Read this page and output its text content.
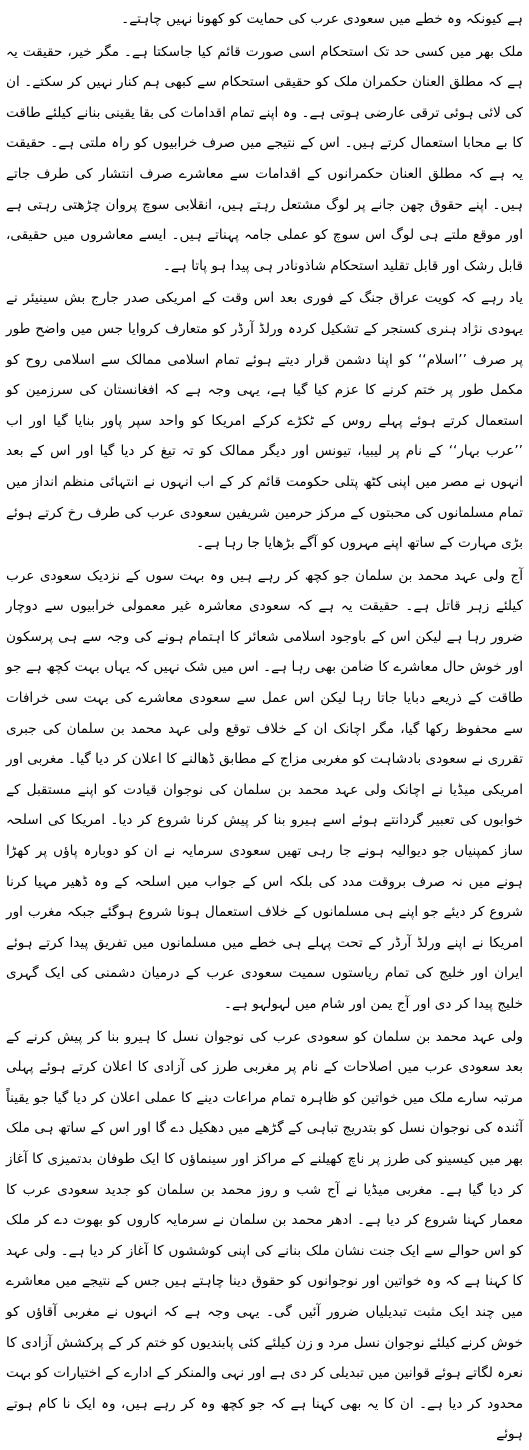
ہے کیونکہ وہ خطے میں سعودی عرب کی حمایت کو کھونا نہیں چاہتے۔

ملک بھر میں کسی حد تک استحکام اسی صورت قائم کیا جاسکتا ہے۔ مگر خیر، حقیقت یہ ہے کہ مطلق العنان حکمران ملک کو حقیقی استحکام سے کبھی ہم کنار نہیں کر سکتے۔ ان کی لائی ہوئی ترقی عارضی ہوتی ہے۔ وہ اپنے تمام اقدامات کی بقا یقینی بنانے کیلئے طاقت کا بے محابا استعمال کرتے ہیں۔ اس کے نتیجے میں صرف خرابیوں کو راہ ملتی ہے۔ حقیقت یہ ہے کہ مطلق العنان حکمرانوں کے اقدامات سے معاشرے صرف انتشار کی طرف جاتے ہیں۔ اپنے حقوق چھن جانے پر لوگ مشتعل رہتے ہیں، انقلابی سوچ پروان چڑھتی رہتی ہے اور موقع ملتے ہی لوگ اس سوچ کو عملی جامہ پہناتے ہیں۔ ایسے معاشروں میں حقیقی، قابل رشک اور قابل تقلید استحکام شاذونادر ہی پیدا ہو پاتا ہے۔

یاد رہے کہ کویت عراق جنگ کے فوری بعد اس وقت کے امریکی صدر جارج بش سینیئر نے یہودی نژاد ہنری کسنجر کے تشکیل کردہ ورلڈ آرڈر کو متعارف کروایا جس میں واضح طور پر صرف ’’اسلام‘‘ کو اپنا دشمن قرار دیتے ہوئے تمام اسلامی ممالک سے اسلامی روح کو مکمل طور پر ختم کرنے کا عزم کیا گیا ہے، یہی وجہ ہے کہ افغانستان کی سرزمین کو استعمال کرتے ہوئے پہلے روس کے ٹکڑے کرکے امریکا کو واحد سپر پاور بنایا گیا اور اب ’’عرب بہار‘‘ کے نام پر لیبیا، تیونس اور دیگر ممالک کو تہ تیغ کر دیا گیا اور اس کے بعد انہوں نے مصر میں اپنی کٹھ پتلی حکومت قائم کر کے اب انہوں نے انتہائی منظم انداز میں تمام مسلمانوں کی محبتوں کے مرکز حرمین شریفین سعودی عرب کی طرف رخ کرتے ہوئے بڑی مہارت کے ساتھ اپنے مہروں کو آگے بڑھایا جا رہا ہے۔

آج ولی عہد محمد بن سلمان جو کچھ کر رہے ہیں وہ بہت سوں کے نزدیک سعودی عرب کیلئے زہر قاتل ہے۔ حقیقت یہ ہے کہ سعودی معاشرہ غیر معمولی خرابیوں سے دوچار ضرور رہا ہے لیکن اس کے باوجود اسلامی شعائر کا اہتمام ہونے کی وجہ سے ہی پرسکون اور خوش حال معاشرے کا ضامن بھی رہا ہے۔ اس میں شک نہیں کہ یہاں بہت کچھ ہے جو طاقت کے ذریعے دبایا جاتا رہا لیکن اس عمل سے سعودی معاشرے کی بہت سی خرافات سے محفوظ رکھا گیا، مگر اچانک ان کے خلاف توقع ولی عہد محمد بن سلمان کی جبری تقرری نے سعودی بادشاہت کو مغربی مزاج کے مطابق ڈھالنے کا اعلان کر دیا گیا۔ مغربی اور امریکی میڈیا نے اچانک ولی عہد محمد بن سلمان کی نوجوان قیادت کو اپنے مستقبل کے خوابوں کی تعبیر گردانتے ہوئے اسے ہیرو بنا کر پیش کرنا شروع کر دیا۔ امریکا کی اسلحہ ساز کمپنیاں جو دیوالیہ ہونے جا رہی تھیں سعودی سرمایہ نے ان کو دوبارہ پاؤں پر کھڑا ہونے میں نہ صرف بروقت مدد کی بلکہ اس کے جواب میں اسلحہ کے وہ ڈھیر مہیا کرنا شروع کر دیئے جو اپنے ہی مسلمانوں کے خلاف استعمال ہونا شروع ہوگئے جبکہ مغرب اور امریکا نے اپنے ورلڈ آرڈر کے تحت پہلے ہی خطے میں مسلمانوں میں تفریق پیدا کرتے ہوئے ایران اور خلیج کی تمام ریاستوں سمیت سعودی عرب کے درمیان دشمنی کی ایک گہری خلیج پیدا کر دی اور آج یمن اور شام میں لہولہو ہے۔

ولی عہد محمد بن سلمان کو سعودی عرب کی نوجوان نسل کا ہیرو بنا کر پیش کرنے کے بعد سعودی عرب میں اصلاحات کے نام پر مغربی طرز کی آزادی کا اعلان کرتے ہوئے پہلی مرتبہ سارے ملک میں خواتین کو ظاہرہ تمام مراعات دینے کا عملی اعلان کر دیا گیا جو یقیناً آئندہ کی نوجوان نسل کو بتدریج تباہی کے گڑھے میں دھکیل دے گا اور اس کے ساتھ ہی ملک بھر میں کیسینو کی طرز پر ناچ کھیلنے کے مراکز اور سینماؤں کا ایک طوفان بدتمیزی کا آغاز کر دیا گیا ہے۔ مغربی میڈیا نے آج شب و روز محمد بن سلمان کو جدید سعودی عرب کا معمار کہنا شروع کر دیا ہے۔ ادھر محمد بن سلمان نے سرمایہ کاروں کو بھوت دے کر ملک کو اس حوالے سے ایک جنت نشان ملک بنانے کی اپنی کوششوں کا آغاز کر دیا ہے۔ ولی عہد کا کہنا ہے کہ وہ خواتین اور نوجوانوں کو حقوق دینا چاہتے ہیں جس کے نتیجے میں معاشرے میں چند ایک مثبت تبدیلیاں ضرور آئیں گی۔ یہی وجہ ہے کہ انہوں نے مغربی آقاؤں کو خوش کرنے کیلئے نوجوان نسل مرد و زن کیلئے کئی پابندیوں کو ختم کر کے پرکشش آزادی کا نعرہ لگاتے ہوئے قوانین میں تبدیلی کر دی ہے اور نہی والمنکر کے ادارے کے اختیارات کو بہت محدود کر دیا ہے۔ ان کا یہ بھی کہنا ہے کہ جو کچھ وہ کر رہے ہیں، وہ ایک نا کام ہوتے ہوئے
